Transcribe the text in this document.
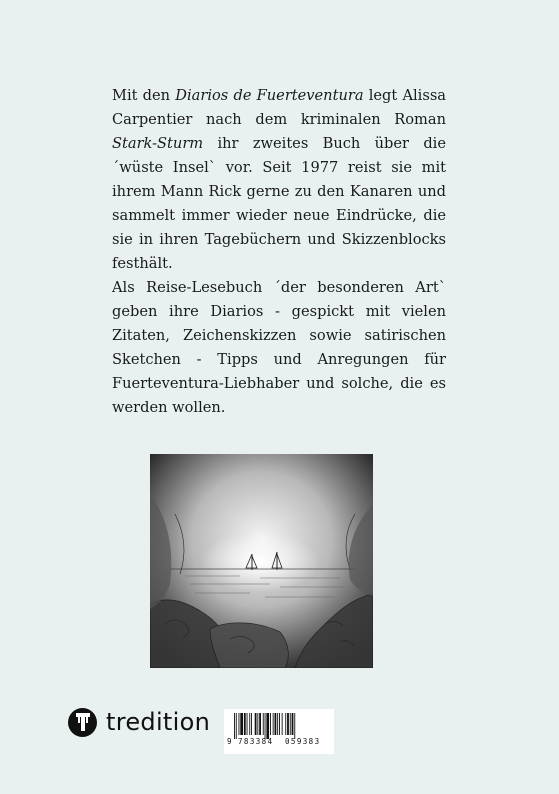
Mit den Diarios de Fuerteventura legt Alissa Carpentier nach dem kriminalen Roman Stark-Sturm ihr zweites Buch über die ´wüste Insel` vor. Seit 1977 reist sie mit ihrem Mann Rick gerne zu den Kanaren und sammelt immer wieder neue Eindrücke, die sie in ihren Tagebüchern und Skizzenblocks festhält.

Als Reise-Lesebuch ´der besonderen Art` geben ihre Diarios - gespickt mit vielen Zitaten, Zeichenskizzen sowie satirischen Sketchen - Tipps und Anregungen für Fuerteventura-Liebhaber und solche, die es werden wollen.

tredition
9 783384 059383
